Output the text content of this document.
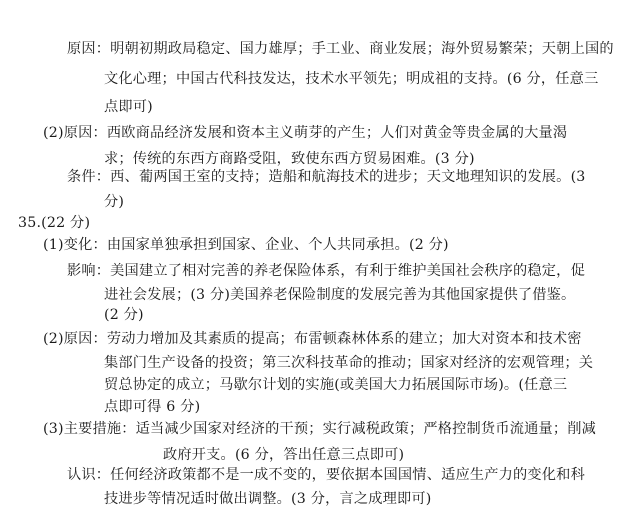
原因：明朝初期政局稳定、国力雄厚；手工业、商业发展；海外贸易繁荣；天朝上国的
文化心理；中国古代科技发达，技术水平领先；明成祖的支持。(6 分，任意三
点即可)
(2)原因：西欧商品经济发展和资本主义萌芽的产生；人们对黄金等贵金属的大量渴
求；传统的东西方商路受阻，致使东西方贸易困难。(3 分)
条件：西、葡两国王室的支持；造船和航海技术的进步；天文地理知识的发展。(3
分)
35.(22 分)
(1)变化：由国家单独承担到国家、企业、个人共同承担。(2 分)
影响：美国建立了相对完善的养老保险体系，有利于维护美国社会秩序的稳定，促
进社会发展；(3 分)美国养老保险制度的发展完善为其他国家提供了借鉴。
(2 分)
(2)原因：劳动力增加及其素质的提高；布雷顿森林体系的建立；加大对资本和技术密
集部门生产设备的投资；第三次科技革命的推动；国家对经济的宏观管理；关
贸总协定的成立；马歇尔计划的实施(或美国大力拓展国际市场)。(任意三
点即可得 6 分)
(3)主要措施：适当减少国家对经济的干预；实行减税政策；严格控制货币流通量；削减
政府开支。(6 分，答出任意三点即可)
认识：任何经济政策都不是一成不变的，要依据本国国情、适应生产力的变化和科
技进步等情况适时做出调整。(3 分，言之成理即可)
